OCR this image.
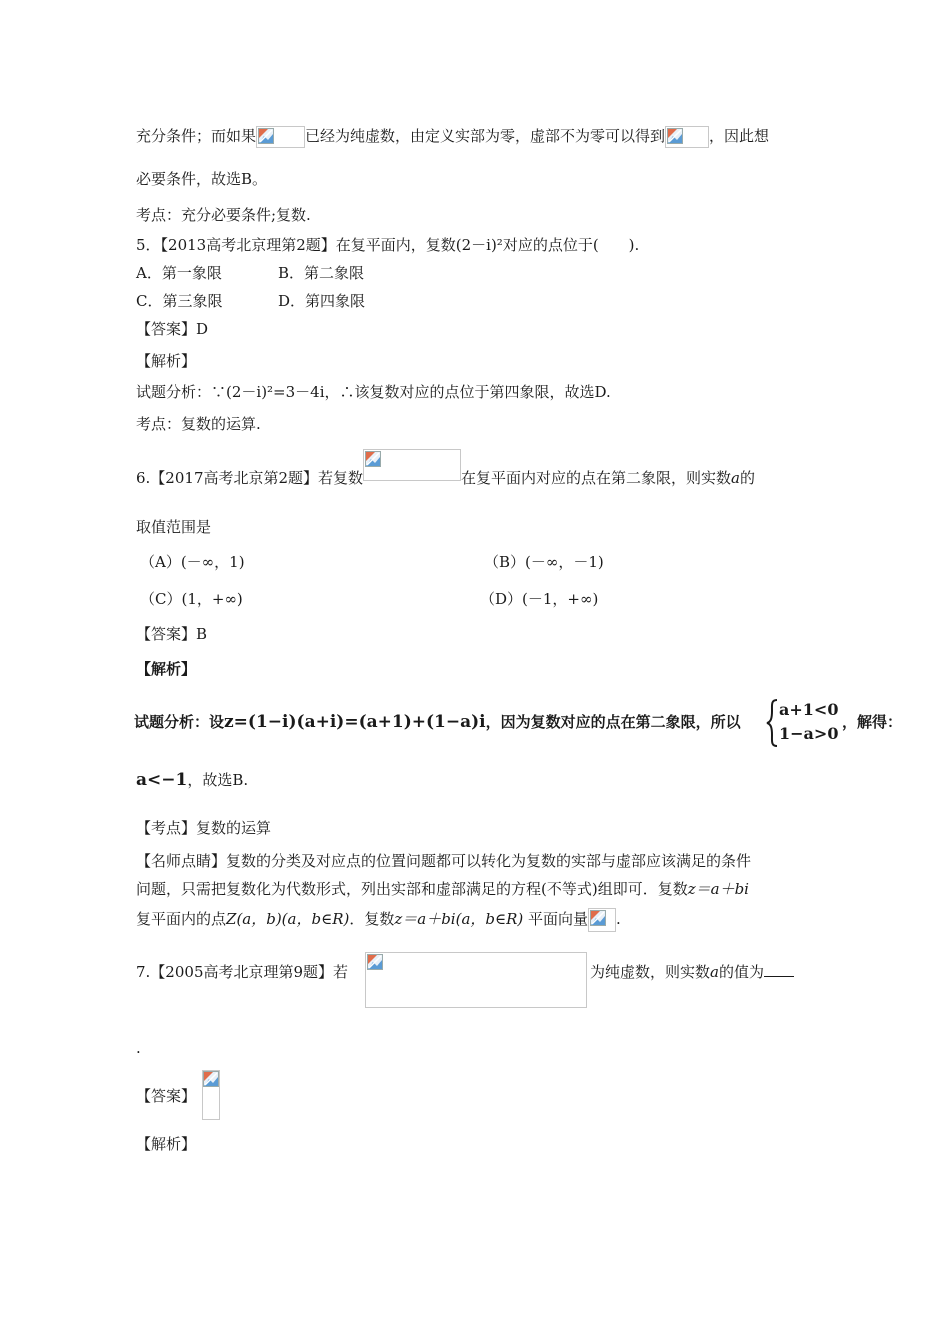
充分条件；而如果	已经为纯虚数，由定义实部为零，虚部不为零可以得到	，因此想
必要条件，故选B。
考点：充分必要条件;复数.
5．【2013高考北京理第2题】在复平面内，复数(2－i)²对应的点位于(　　).
A．第一象限	B．第二象限
C．第三象限	D．第四象限
【答案】D
【解析】
试题分析：∵(2－i)²=3－4i，∴该复数对应的点位于第四象限，故选D.
考点：复数的运算.
6.【2017高考北京第2题】若复数	在复平面内对应的点在第二象限，则实数a的
取值范围是
（A）(－∞，1)	（B）(－∞，－1)
（C）(1，+∞)	（D）(－1，+∞)
【答案】B
【解析】
试题分析：设z=(1−i)(a+i)=(a+1)+(1−a)i，因为复数对应的点在第二象限，所以
a+1<0
1−a>0
，解得：
a<−1，故选B.
【考点】复数的运算
【名师点睛】复数的分类及对应点的位置问题都可以转化为复数的实部与虚部应该满足的条件
问题，只需把复数化为代数形式，列出实部和虚部满足的方程(不等式)组即可．复数z＝a＋bi
复平面内的点Z(a，b)(a，b∈R)．复数z＝a＋bi(a，b∈R) 平面向量 .
7.【2005高考北京理第9题】若	为纯虚数，则实数a的值为
.
【答案】
【解析】
